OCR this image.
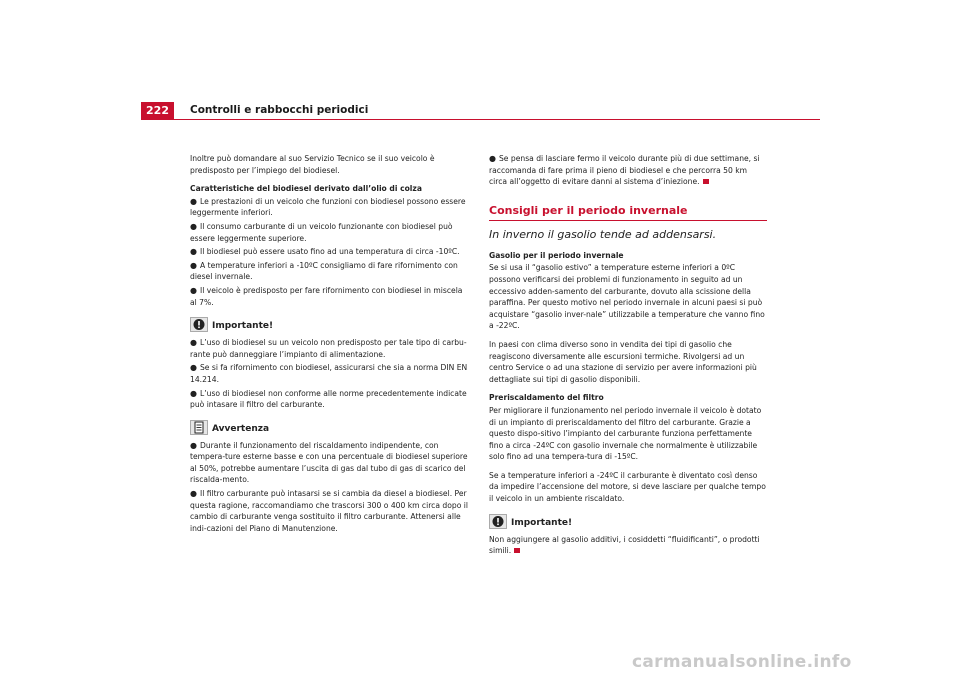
222	Controlli e rabbocchi periodici

Inoltre può domandare al suo Servizio Tecnico se il suo veicolo è predisposto per l’impiego del biodiesel.

Caratteristiche del biodiesel derivato dall’olio di colza
● Le prestazioni di un veicolo che funzioni con biodiesel possono essere leggermente inferiori.
● Il consumo carburante di un veicolo funzionante con biodiesel può essere leggermente superiore.
● Il biodiesel può essere usato fino ad una temperatura di circa -10ºC.
● A temperature inferiori a -10ºC consigliamo di fare rifornimento con diesel invernale.
● Il veicolo è predisposto per fare rifornimento con biodiesel in miscela al 7%.
Importante!
● L’uso di biodiesel su un veicolo non predisposto per tale tipo di carbu-rante può danneggiare l’impianto di alimentazione.
● Se si fa rifornimento con biodiesel, assicurarsi che sia a norma DIN EN 14.214.
● L’uso di biodiesel non conforme alle norme precedentemente indicate può intasare il filtro del carburante.
Avvertenza
● Durante il funzionamento del riscaldamento indipendente, con tempera-ture esterne basse e con una percentuale di biodiesel superiore al 50%, potrebbe aumentare l’uscita di gas dal tubo di gas di scarico del riscalda-mento.
● Il filtro carburante può intasarsi se si cambia da diesel a biodiesel. Per questa ragione, raccomandiamo che trascorsi 300 o 400 km circa dopo il cambio di carburante venga sostituito il filtro carburante. Attenersi alle indi-cazioni del Piano di Manutenzione.
● Se pensa di lasciare fermo il veicolo durante più di due settimane, si raccomanda di fare prima il pieno di biodiesel e che percorra 50 km circa all’oggetto di evitare danni al sistema d’iniezione.
Consigli per il periodo invernale
In inverno il gasolio tende ad addensarsi.
Gasolio per il periodo invernale

Se si usa il “gasolio estivo” a temperature esterne inferiori a 0ºC possono verificarsi dei problemi di funzionamento in seguito ad un eccessivo adden-samento del carburante, dovuto alla scissione della paraffina. Per questo motivo nel periodo invernale in alcuni paesi si può acquistare “gasolio inver-nale” utilizzabile a temperature che vanno fino a -22ºC.

In paesi con clima diverso sono in vendita dei tipi di gasolio che reagiscono diversamente alle escursioni termiche. Rivolgersi ad un centro Service o ad una stazione di servizio per avere informazioni più dettagliate sui tipi di gasolio disponibili.

Preriscaldamento del filtro

Per migliorare il funzionamento nel periodo invernale il veicolo è dotato di un impianto di preriscaldamento del filtro del carburante. Grazie a questo dispo-sitivo l’impianto del carburante funziona perfettamente fino a circa -24ºC con gasolio invernale che normalmente è utilizzabile solo fino ad una tempera-tura di -15ºC.

Se a temperature inferiori a -24ºC il carburante è diventato così denso da impedire l’accensione del motore, si deve lasciare per qualche tempo il veicolo in un ambiente riscaldato.

Importante!

Non aggiungere al gasolio additivi, i cosiddetti “fluidificanti”, o prodotti simili.

carmanualsonline.info
